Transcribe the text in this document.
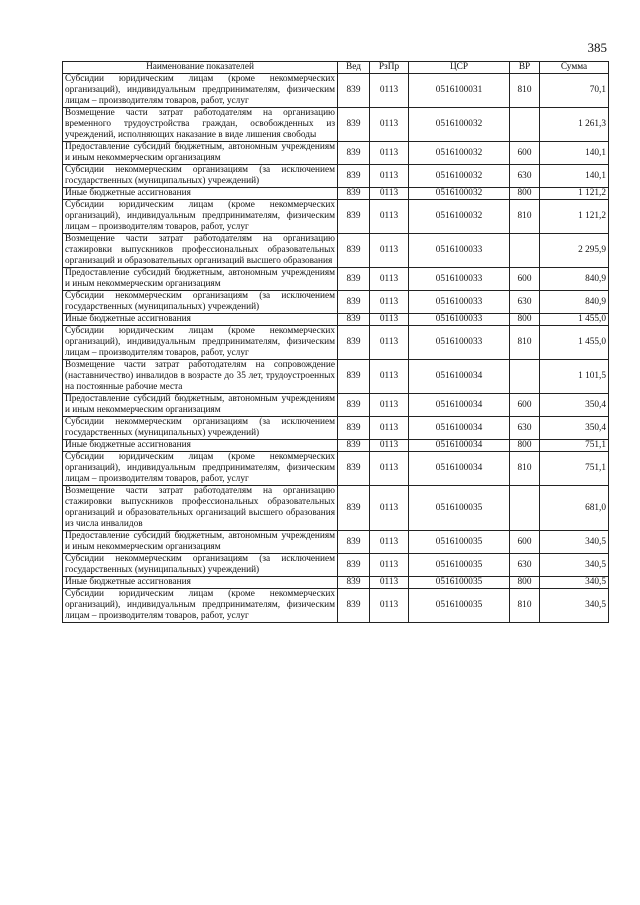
385
Наименование показателей	Вед	РзПр	ЦСР	ВР	Сумма
Субсидии юридическим лицам (кроме некоммерческих организаций), индивидуальным предпринимателям, физическим лицам – производителям товаров, работ, услуг	839	0113	0516100031	810	70,1
Возмещение части затрат работодателям на организацию временного трудоустройства граждан, освобожденных из учреждений, исполняющих наказание в виде лишения свободы	839	0113	0516100032		1 261,3
Предоставление субсидий бюджетным, автономным учреждениям и иным некоммерческим организациям	839	0113	0516100032	600	140,1
Субсидии некоммерческим организациям (за исключением государственных (муниципальных) учреждений)	839	0113	0516100032	630	140,1
Иные бюджетные ассигнования	839	0113	0516100032	800	1 121,2
Субсидии юридическим лицам (кроме некоммерческих организаций), индивидуальным предпринимателям, физическим лицам – производителям товаров, работ, услуг	839	0113	0516100032	810	1 121,2
Возмещение части затрат работодателям на организацию стажировки выпускников профессиональных образовательных организаций и образовательных организаций высшего образования	839	0113	0516100033		2 295,9
Предоставление субсидий бюджетным, автономным учреждениям и иным некоммерческим организациям	839	0113	0516100033	600	840,9
Субсидии некоммерческим организациям (за исключением государственных (муниципальных) учреждений)	839	0113	0516100033	630	840,9
Иные бюджетные ассигнования	839	0113	0516100033	800	1 455,0
Субсидии юридическим лицам (кроме некоммерческих организаций), индивидуальным предпринимателям, физическим лицам – производителям товаров, работ, услуг	839	0113	0516100033	810	1 455,0
Возмещение части затрат работодателям на сопровождение (наставничество) инвалидов в возрасте до 35 лет, трудоустроенных на постоянные рабочие места	839	0113	0516100034		1 101,5
Предоставление субсидий бюджетным, автономным учреждениям и иным некоммерческим организациям	839	0113	0516100034	600	350,4
Субсидии некоммерческим организациям (за исключением государственных (муниципальных) учреждений)	839	0113	0516100034	630	350,4
Иные бюджетные ассигнования	839	0113	0516100034	800	751,1
Субсидии юридическим лицам (кроме некоммерческих организаций), индивидуальным предпринимателям, физическим лицам – производителям товаров, работ, услуг	839	0113	0516100034	810	751,1
Возмещение части затрат работодателям на организацию стажировки выпускников профессиональных образовательных организаций и образовательных организаций высшего образования из числа инвалидов	839	0113	0516100035		681,0
Предоставление субсидий бюджетным, автономным учреждениям и иным некоммерческим организациям	839	0113	0516100035	600	340,5
Субсидии некоммерческим организациям (за исключением государственных (муниципальных) учреждений)	839	0113	0516100035	630	340,5
Иные бюджетные ассигнования	839	0113	0516100035	800	340,5
Субсидии юридическим лицам (кроме некоммерческих организаций), индивидуальным предпринимателям, физическим лицам – производителям товаров, работ, услуг	839	0113	0516100035	810	340,5
